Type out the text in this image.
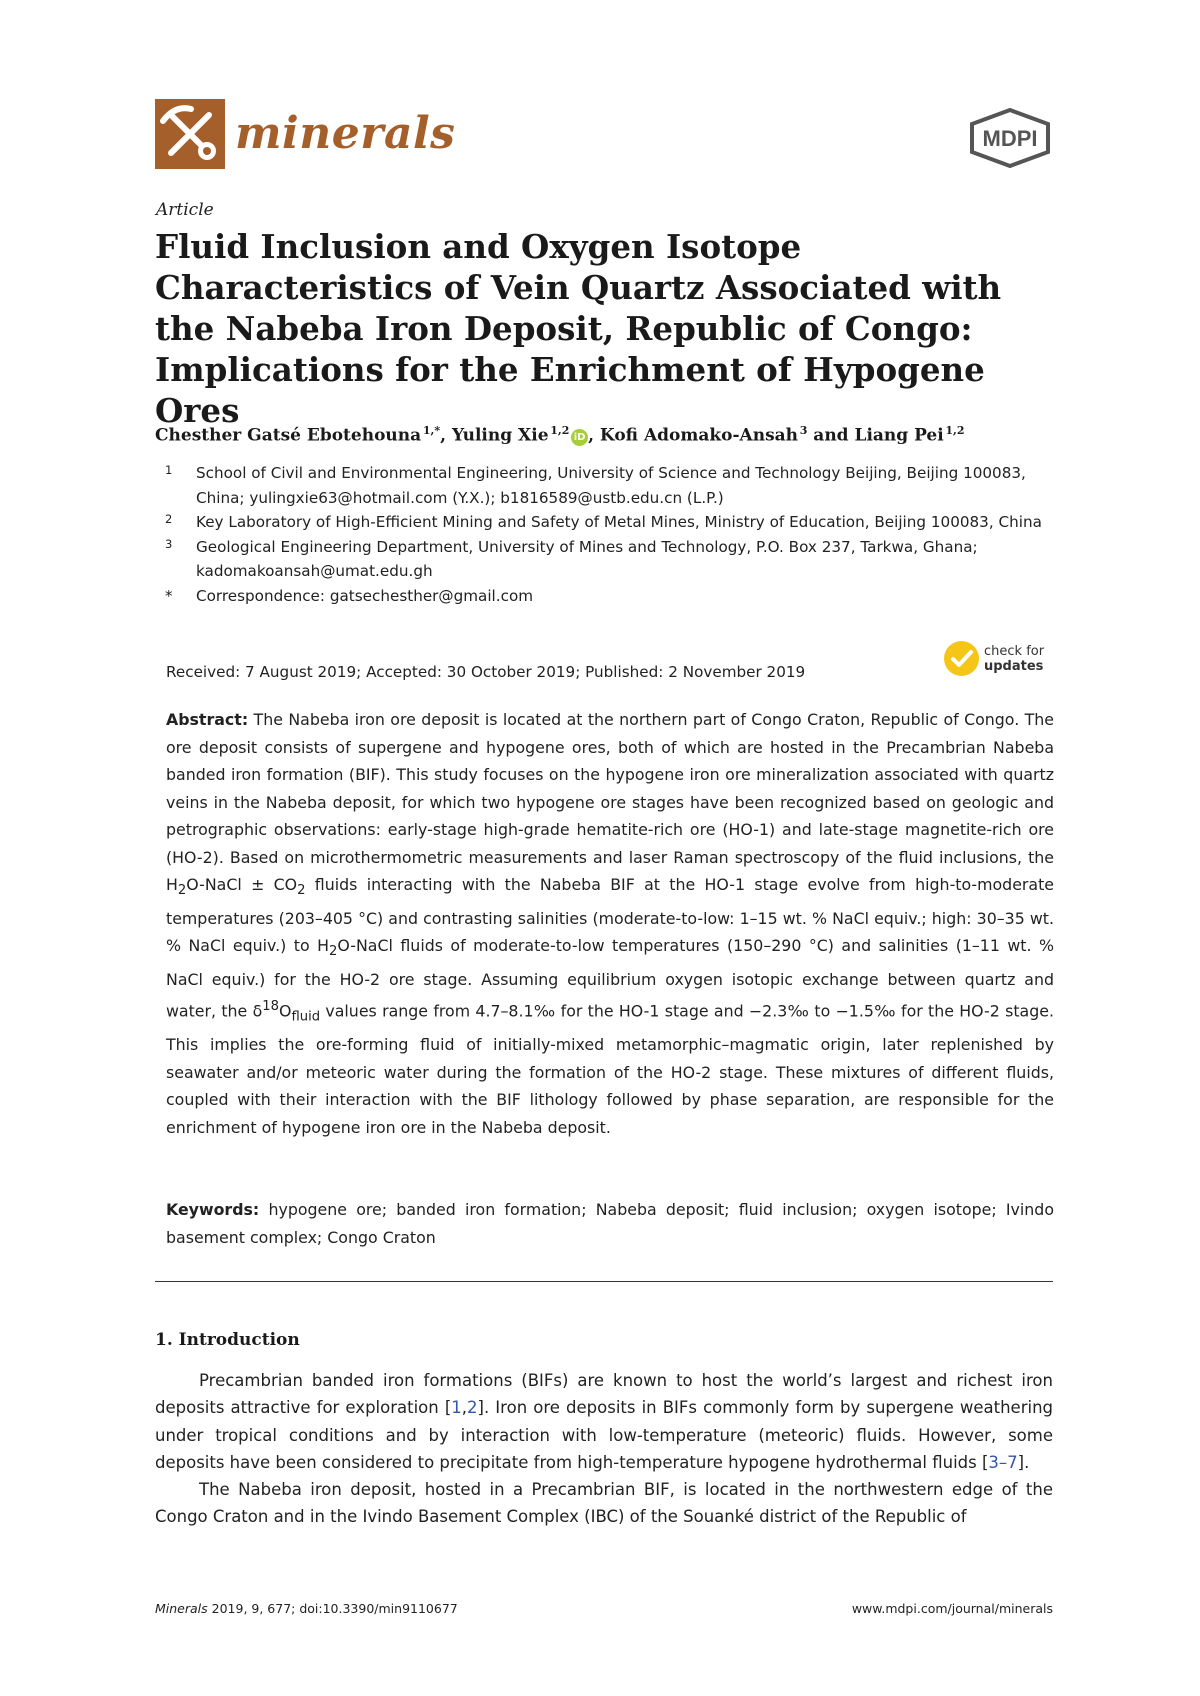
minerals	MDPI
Article
Fluid Inclusion and Oxygen Isotope Characteristics of Vein Quartz Associated with the Nabeba Iron Deposit, Republic of Congo: Implications for the Enrichment of Hypogene Ores
Chesther Gatsé Ebotehouna  $^{1,*}$, Yuling Xie  $^{1,2}$ iD , Kofi Adomako-Ansah  $^3$ and Liang Pei  $^{1,2}$
1	School of Civil and Environmental Engineering, University of Science and Technology Beijing, Beijing 100083, China; yulingxie63@hotmail.com (Y.X.); b1816589@ustb.edu.cn (L.P.)
2	Key Laboratory of High-Efficient Mining and Safety of Metal Mines, Ministry of Education, Beijing 100083, China
3	Geological Engineering Department, University of Mines and Technology, P.O. Box 237, Tarkwa, Ghana; kadomakoansah@umat.edu.gh
*	Correspondence: gatsechesther@gmail.com
Received: 7 August 2019; Accepted: 30 October 2019; Published: 2 November 2019
check for
updates

Abstract: The Nabeba iron ore deposit is located at the northern part of Congo Craton, Republic of Congo. The ore deposit consists of supergene and hypogene ores, both of which are hosted in the Precambrian Nabeba banded iron formation (BIF). This study focuses on the hypogene iron ore mineralization associated with quartz veins in the Nabeba deposit, for which two hypogene ore stages have been recognized based on geologic and petrographic observations: early-stage high-grade hematite-rich ore (HO-1) and late-stage magnetite-rich ore (HO-2). Based on microthermometric measurements and laser Raman spectroscopy of the fluid inclusions, the $H_2O$-NaCl ± $CO_2$ fluids interacting with the Nabeba BIF at the HO-1 stage evolve from high-to-moderate temperatures (203–405 °C) and contrasting salinities (moderate-to-low: 1–15 wt. % NaCl equiv.; high: 30–35 wt. % NaCl equiv.) to $H_2O$-NaCl fluids of moderate-to-low temperatures (150–290 °C) and salinities (1–11 wt. % NaCl equiv.) for the HO-2 ore stage. Assuming equilibrium oxygen isotopic exchange between quartz and water, the $\delta^{18}O_{fluid}$ values range from 4.7–8.1‰ for the HO-1 stage and −2.3‰ to −1.5‰ for the HO-2 stage. This implies the ore-forming fluid of initially-mixed metamorphic–magmatic origin, later replenished by seawater and/or meteoric water during the formation of the HO-2 stage. These mixtures of different fluids, coupled with their interaction with the BIF lithology followed by phase separation, are responsible for the enrichment of hypogene iron ore in the Nabeba deposit.

Keywords: hypogene ore; banded iron formation; Nabeba deposit; fluid inclusion; oxygen isotope; Ivindo basement complex; Congo Craton

1. Introduction

Precambrian banded iron formations (BIFs) are known to host the world’s largest and richest iron deposits attractive for exploration [1,2]. Iron ore deposits in BIFs commonly form by supergene weathering under tropical conditions and by interaction with low-temperature (meteoric) fluids. However, some deposits have been considered to precipitate from high-temperature hypogene hydrothermal fluids [3–7].

The Nabeba iron deposit, hosted in a Precambrian BIF, is located in the northwestern edge of the Congo Craton and in the Ivindo Basement Complex (IBC) of the Souanké district of the Republic of

Minerals 2019, 9, 677; doi:10.3390/min9110677	www.mdpi.com/journal/minerals
